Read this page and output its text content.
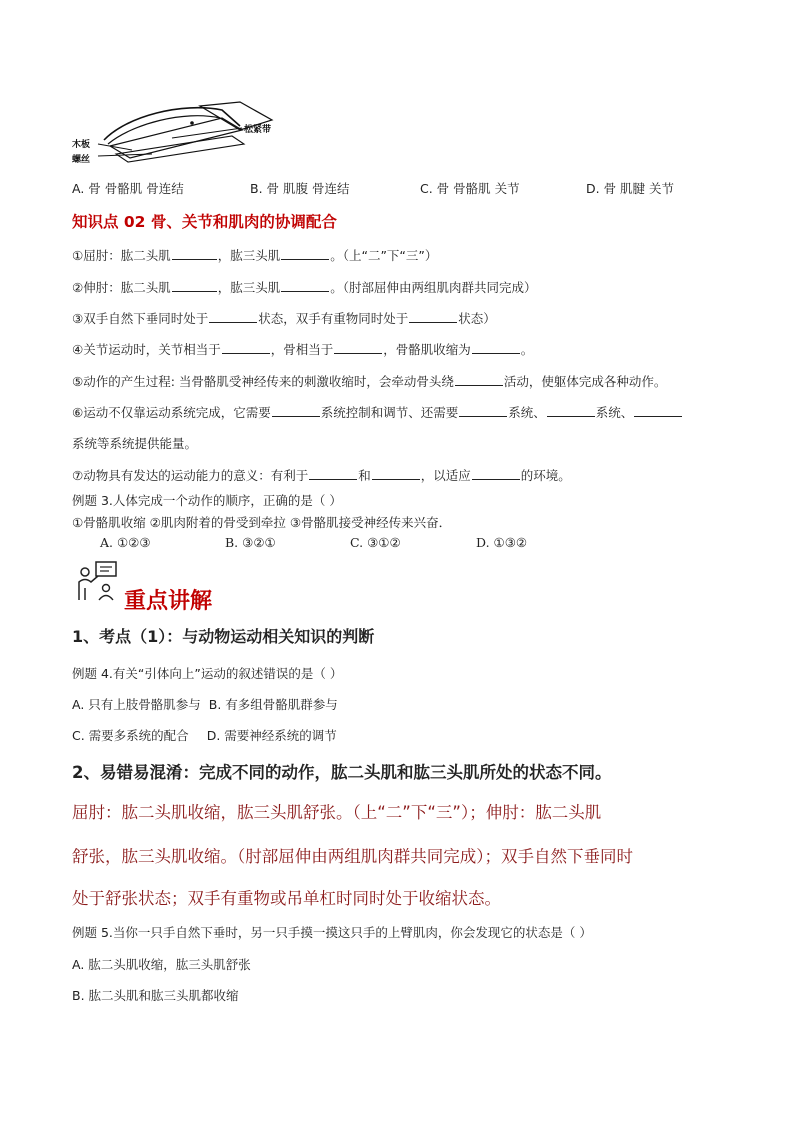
松紧带
木板
螺丝
A. 骨 骨骼肌 骨连结	B. 骨 肌腹 骨连结	C. 骨 骨骼肌 关节	D. 骨 肌腱 关节
知识点 02 骨、关节和肌肉的协调配合
①屈肘：肱二头肌	，肱三头肌	。（上“二”下“三”）
②伸肘：肱二头肌	，肱三头肌	。（肘部屈伸由两组肌肉群共同完成）
③双手自然下垂同时处于	状态，双手有重物同时处于	状态）
④关节运动时，关节相当于	，骨相当于	，骨骼肌收缩为	。
⑤动作的产生过程: 当骨骼肌受神经传来的刺激收缩时，会牵动骨头绕	活动，使躯体完成各种动作。
⑥运动不仅靠运动系统完成，它需要	系统控制和调节、还需要	系统、	系统、
系统等系统提供能量。
⑦动物具有发达的运动能力的意义：有利于	和	，以适应	的环境。
例题 3.人体完成一个动作的顺序，正确的是（ ）
①骨骼肌收缩 ②肌肉附着的骨受到牵拉 ③骨骼肌接受神经传来兴奋．
A. ①②③	B. ③②①	C. ③①②	D. ①③②
重点讲解
1、考点（1）：与动物运动相关知识的判断
例题 4.有关“引体向上”运动的叙述错误的是（ ）
A. 只有上肢骨骼肌参与 B. 有多组骨骼肌群参与
C. 需要多系统的配合 D. 需要神经系统的调节
2、易错易混淆：完成不同的动作，肱二头肌和肱三头肌所处的状态不同。
屈肘：肱二头肌收缩，肱三头肌舒张。（上“二”下“三”）；伸肘：肱二头肌
舒张，肱三头肌收缩。（肘部屈伸由两组肌肉群共同完成）；双手自然下垂同时
处于舒张状态；双手有重物或吊单杠时同时处于收缩状态。
例题 5.当你一只手自然下垂时，另一只手摸一摸这只手的上臂肌肉，你会发现它的状态是（ ）
A. 肱二头肌收缩，肱三头肌舒张
B. 肱二头肌和肱三头肌都收缩
